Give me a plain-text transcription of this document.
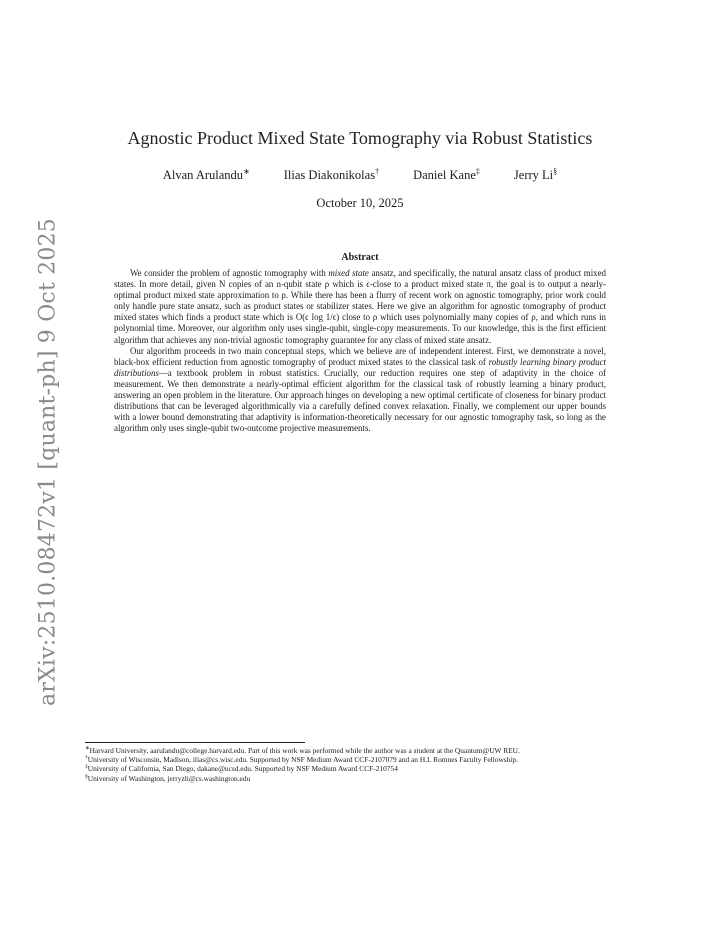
arXiv:2510.08472v1 [quant-ph] 9 Oct 2025
Agnostic Product Mixed State Tomography via Robust Statistics
Alvan Arulandu∗	Ilias Diakonikolas†	Daniel Kane‡	Jerry Li§
October 10, 2025
Abstract

We consider the problem of agnostic tomography with mixed state ansatz, and specifically, the natural ansatz class of product mixed states. In more detail, given N copies of an n-qubit state ρ which is ϵ-close to a product mixed state π, the goal is to output a nearly-optimal product mixed state approximation to ρ. While there has been a flurry of recent work on agnostic tomography, prior work could only handle pure state ansatz, such as product states or stabilizer states. Here we give an algorithm for agnostic tomography of product mixed states which finds a product state which is O(ϵ log 1/ϵ) close to ρ which uses polynomially many copies of ρ, and which runs in polynomial time. Moreover, our algorithm only uses single-qubit, single-copy measurements. To our knowledge, this is the first efficient algorithm that achieves any non-trivial agnostic tomography guarantee for any class of mixed state ansatz.

Our algorithm proceeds in two main conceptual steps, which we believe are of independent interest. First, we demonstrate a novel, black-box efficient reduction from agnostic tomography of product mixed states to the classical task of robustly learning binary product distributions—a textbook problem in robust statistics. Crucially, our reduction requires one step of adaptivity in the choice of measurement. We then demonstrate a nearly-optimal efficient algorithm for the classical task of robustly learning a binary product, answering an open problem in the literature. Our approach hinges on developing a new optimal certificate of closeness for binary product distributions that can be leveraged algorithmically via a carefully defined convex relaxation. Finally, we complement our upper bounds with a lower bound demonstrating that adaptivity is information-theoretically necessary for our agnostic tomography task, so long as the algorithm only uses single-qubit two-outcome projective measurements.

∗Harvard University, aarulandu@college.harvard.edu. Part of this work was performed while the author was a student at the Quantum@UW REU.

†University of Wisconsin, Madison, ilias@cs.wisc.edu. Supported by NSF Medium Award CCF-2107079 and an H.I. Romnes Faculty Fellowship.

‡University of California, San Diego, dakane@ucsd.edu. Supported by NSF Medium Award CCF-210754

§University of Washington, jerryzli@cs.washington.edu
